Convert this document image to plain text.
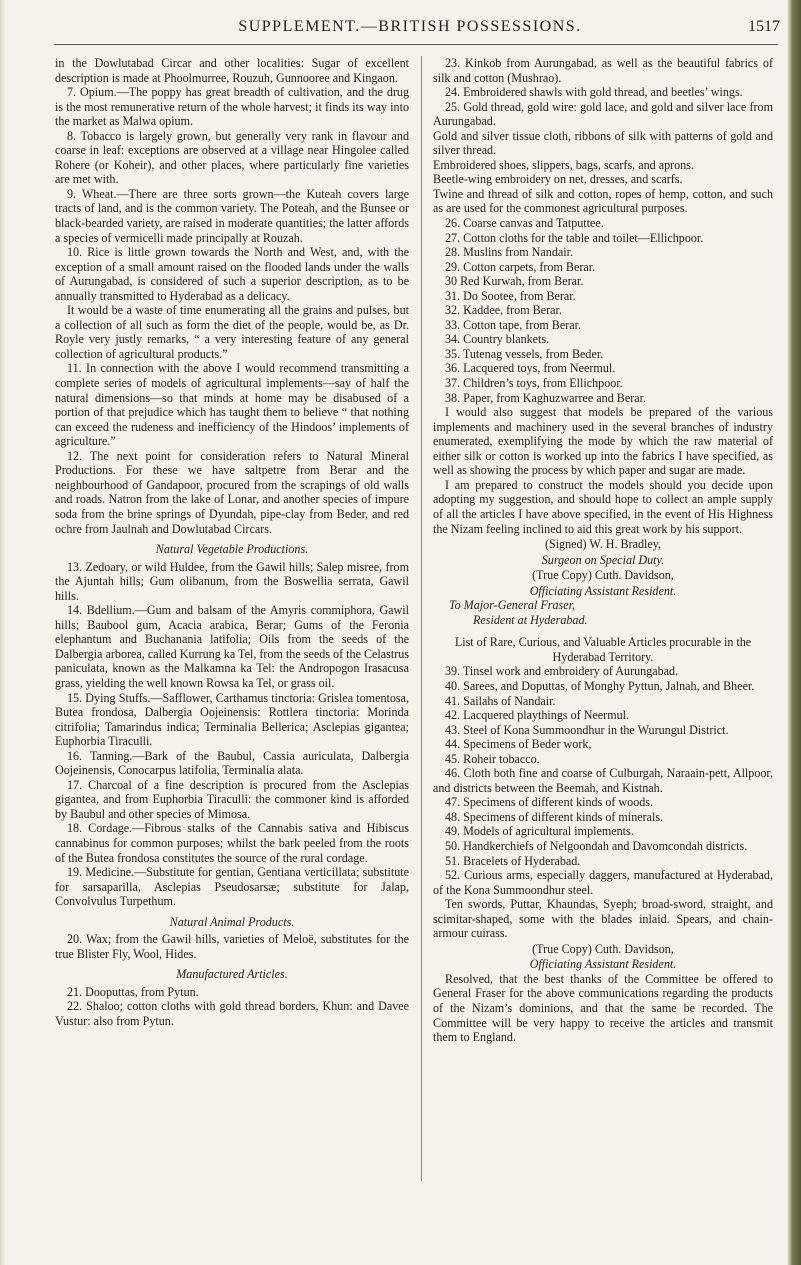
SUPPLEMENT.—BRITISH POSSESSIONS.	1517

in the Dowlutabad Circar and other localities: Sugar of excellent description is made at Phoolmurree, Rouzuh, Gunnooree and Kingaon.

7. Opium.—The poppy has great breadth of cultivation, and the drug is the most remunerative return of the whole harvest; it finds its way into the market as Malwa opium.

8. Tobacco is largely grown, but generally very rank in flavour and coarse in leaf: exceptions are observed at a village near Hingolee called Rohere (or Koheir), and other places, where particularly fine varieties are met with.

9. Wheat.—There are three sorts grown—the Kuteah covers large tracts of land, and is the common variety. The Poteah, and the Bunsee or black-bearded variety, are raised in moderate quantities; the latter affords a species of vermicelli made principally at Rouzah.

10. Rice is little grown towards the North and West, and, with the exception of a small amount raised on the flooded lands under the walls of Aurungabad, is considered of such a superior description, as to be annually transmitted to Hyderabad as a delicacy.

It would be a waste of time enumerating all the grains and pulses, but a collection of all such as form the diet of the people, would be, as Dr. Royle very justly remarks, “ a very interesting feature of any general collection of agricultural products.”

11. In connection with the above I would recommend transmitting a complete series of models of agricultural implements—say of half the natural dimensions—so that minds at home may be disabused of a portion of that prejudice which has taught them to believe “ that nothing can exceed the rudeness and inefficiency of the Hindoos’ implements of agriculture.”

12. The next point for consideration refers to Natural Mineral Productions. For these we have saltpetre from Berar and the neighbourhood of Gandapoor, procured from the scrapings of old walls and roads. Natron from the lake of Lonar, and another species of impure soda from the brine springs of Dyundah, pipe-clay from Beder, and red ochre from Jaulnah and Dowlutabad Circars.

Natural Vegetable Productions.

13. Zedoary, or wild Huldee, from the Gawil hills; Salep misree, from the Ajuntah hills; Gum olibanum, from the Boswellia serrata, Gawil hills.

14. Bdellium.—Gum and balsam of the Amyris commiphora, Gawil hills; Baubool gum, Acacia arabica, Berar; Gums of the Feronia elephantum and Buchanania latifolia; Oils from the seeds of the Dalbergia arborea, called Kurrung ka Tel, from the seeds of the Celastrus paniculata, known as the Malkamna ka Tel: the Andropogon Irasacusa grass, yielding the well known Rowsa ka Tel, or grass oil.

15. Dying Stuffs.—Safflower, Carthamus tinctoria: Grislea tomentosa, Butea frondosa, Dalbergia Oojeinensis: Rottlera tinctoria: Morinda citrifolia; Tamarindus indica; Terminalia Bellerica; Asclepias gigantea; Euphorbia Tiraculli.

16. Tanning.—Bark of the Baubul, Cassia auriculata, Dalbergia Oojeinensis, Conocarpus latifolia, Terminalia alata.

17. Charcoal of a fine description is procured from the Asclepias gigantea, and from Euphorbia Tiraculli: the commoner kind is afforded by Baubul and other species of Mimosa.

18. Cordage.—Fibrous stalks of the Cannabis sativa and Hibiscus cannabinus for common purposes; whilst the bark peeled from the roots of the Butea frondosa constitutes the source of the rural cordage.

19. Medicine.—Substitute for gentian, Gentiana verticillata; substitute for sarsaparilla, Asclepias Pseudosarsæ; substitute for Jalap, Convolvulus Turpethum.

Natural Animal Products.

20. Wax; from the Gawil hills, varieties of Meloë, substitutes for the true Blister Fly, Wool, Hides.

Manufactured Articles.

21. Dooputtas, from Pytun.

22. Shaloo; cotton cloths with gold thread borders, Khun: and Davee Vustur: also from Pytun.

23. Kinkob from Aurungabad, as well as the beautiful fabrics of silk and cotton (Mushrao).

24. Embroidered shawls with gold thread, and beetles’ wings.

25. Gold thread, gold wire: gold lace, and gold and silver lace from Aurungabad.

Gold and silver tissue cloth, ribbons of silk with patterns of gold and silver thread.

Embroidered shoes, slippers, bags, scarfs, and aprons.

Beetle-wing embroidery on net, dresses, and scarfs.

Twine and thread of silk and cotton, ropes of hemp, cotton, and such as are used for the commonest agricultural purposes.

26. Coarse canvas and Tatputtee.

27. Cotton cloths for the table and toilet—Ellichpoor.

28. Muslins from Nandair.

29. Cotton carpets, from Berar.

30 Red Kurwah, from Berar.

31. Do Sootee, from Berar.

32. Kaddee, from Berar.

33. Cotton tape, from Berar.

34. Country blankets.

35. Tutenag vessels, from Beder.

36. Lacquered toys, from Neermul.

37. Children’s toys, from Ellichpoor.

38. Paper, from Kaghuzwarree and Berar.

I would also suggest that models be prepared of the various implements and machinery used in the several branches of industry enumerated, exemplifying the mode by which the raw material of either silk or cotton is worked up into the fabrics I have specified, as well as showing the process by which paper and sugar are made.

I am prepared to construct the models should you decide upon adopting my suggestion, and should hope to collect an ample supply of all the articles I have above specified, in the event of His Highness the Nizam feeling inclined to aid this great work by his support.

(Signed) W. H. Bradley,

Surgeon on Special Duty.

(True Copy) Cuth. Davidson,

Officiating Assistant Resident.

To Major-General Fraser,

Resident at Hyderabad.

List of Rare, Curious, and Valuable Articles procurable in the Hyderabad Territory.

39. Tinsel work and embroidery of Aurungabad.

40. Sarees, and Doputtas, of Monghy Pyttun, Jalnah, and Bheer.

41. Sailahs of Nandair.

42. Lacquered playthings of Neermul.

43. Steel of Kona Summoondhur in the Wurungul District.

44. Specimens of Beder work,

45. Roheir tobacco.

46. Cloth both fine and coarse of Culburgah, Naraain-pett, Allpoor, and districts between the Beemah, and Kistnah.

47. Specimens of different kinds of woods.

48. Specimens of different kinds of minerals.

49. Models of agricultural implements.

50. Handkerchiefs of Nelgoondah and Davomcondah districts.

51. Bracelets of Hyderabad.

52. Curious arms, especially daggers, manufactured at Hyderabad, of the Kona Summoondhur steel.

Ten swords, Puttar, Khaundas, Syeph; broad-sword, straight, and scimitar-shaped, some with the blades inlaid. Spears, and chain-armour cuirass.

(True Copy) Cuth. Davidson,

Officiating Assistant Resident.

Resolved, that the best thanks of the Committee be offered to General Fraser for the above communications regarding the products of the Nizam’s dominions, and that the same be recorded. The Committee will be very happy to receive the articles and transmit them to England.
